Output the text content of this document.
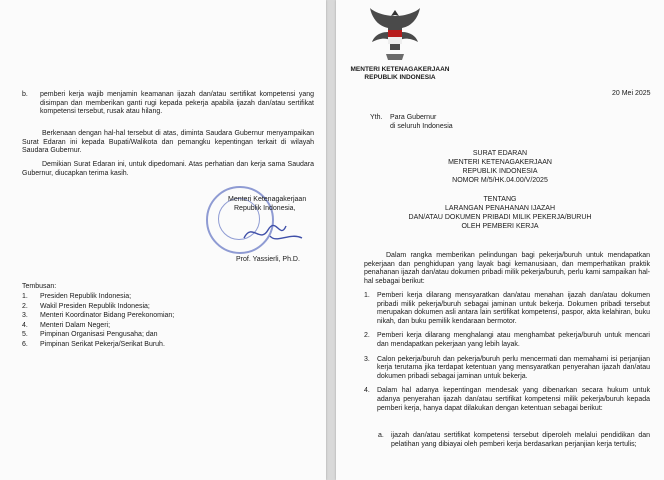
b. pemberi kerja wajib menjamin keamanan ijazah dan/atau sertifikat kompetensi yang disimpan dan memberikan ganti rugi kepada pekerja apabila ijazah dan/atau sertifikat kompetensi tersebut, rusak atau hilang.

Berkenaan dengan hal-hal tersebut di atas, diminta Saudara Gubernur menyampaikan Surat Edaran ini kepada Bupati/Walikota dan pemangku kepentingan terkait di wilayah Saudara Gubernur.

Demikian Surat Edaran ini, untuk dipedomani. Atas perhatian dan kerja sama Saudara Gubernur, diucapkan terima kasih.

Menteri Ketenagakerjaan
Republik Indonesia,
Prof. Yassierli, Ph.D.
Tembusan:
1. Presiden Republik Indonesia;
2. Wakil Presiden Republik Indonesia;
3. Menteri Koordinator Bidang Perekonomian;
4. Menteri Dalam Negeri;
5. Pimpinan Organisasi Pengusaha; dan
6. Pimpinan Serikat Pekerja/Serikat Buruh.
MENTERI KETENAGAKERJAAN
REPUBLIK INDONESIA
20 Mei 2025
Yth.	Para Gubernur
di seluruh Indonesia
SURAT EDARAN
MENTERI KETENAGAKERJAAN
REPUBLIK INDONESIA
NOMOR M/5/HK.04.00/V/2025
TENTANG
LARANGAN PENAHANAN IJAZAH
DAN/ATAU DOKUMEN PRIBADI MILIK PEKERJA/BURUH
OLEH PEMBERI KERJA

Dalam rangka memberikan pelindungan bagi pekerja/buruh untuk mendapatkan pekerjaan dan penghidupan yang layak bagi kemanusiaan, dan memperhatikan praktik penahanan ijazah dan/atau dokumen pribadi milik pekerja/buruh, perlu kami sampaikan hal-hal sebagai berikut:

1. Pemberi kerja dilarang mensyaratkan dan/atau menahan ijazah dan/atau dokumen pribadi milik pekerja/buruh sebagai jaminan untuk bekerja. Dokumen pribadi tersebut merupakan dokumen asli antara lain sertifikat kompetensi, paspor, akta kelahiran, buku nikah, dan buku pemilik kendaraan bermotor.
2. Pemberi kerja dilarang menghalangi atau menghambat pekerja/buruh untuk mencari dan mendapatkan pekerjaan yang lebih layak.
3. Calon pekerja/buruh dan pekerja/buruh perlu mencermati dan memahami isi perjanjian kerja terutama jika terdapat ketentuan yang mensyaratkan penyerahan ijazah dan/atau dokumen pribadi sebagai jaminan untuk bekerja.
4. Dalam hal adanya kepentingan mendesak yang dibenarkan secara hukum untuk adanya penyerahan ijazah dan/atau sertifikat kompetensi milik pekerja/buruh kepada pemberi kerja, hanya dapat dilakukan dengan ketentuan sebagai berikut:
a. ijazah dan/atau sertifikat kompetensi tersebut diperoleh melalui pendidikan dan pelatihan yang dibiayai oleh pemberi kerja berdasarkan perjanjian kerja tertulis;
